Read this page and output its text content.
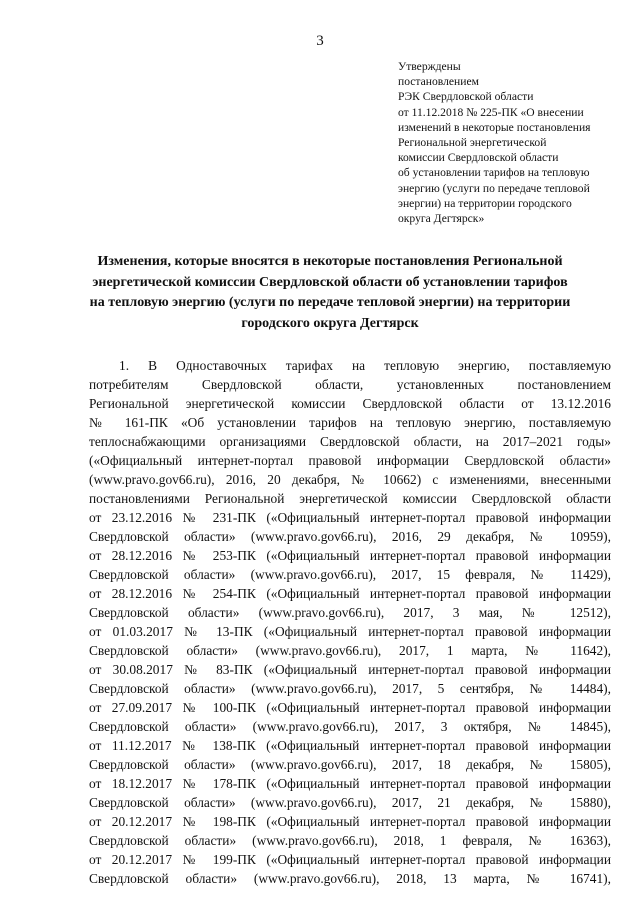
3
Утверждены
постановлением
РЭК Свердловской области
от 11.12.2018 № 225-ПК «О внесении
изменений в некоторые постановления
Региональной энергетической
комиссии Свердловской области
об установлении тарифов на тепловую
энергию (услуги по передаче тепловой
энергии) на территории городского
округа Дегтярск»
Изменения, которые вносятся в некоторые постановления Региональной
энергетической комиссии Свердловской области об установлении тарифов
на тепловую энергию (услуги по передаче тепловой энергии) на территории
городского округа Дегтярск
1. В Одноставочных тарифах на тепловую энергию, поставляемую
потребителям Свердловской области, установленных постановлением
Региональной энергетической комиссии Свердловской области от 13.12.2016
№ 161-ПК «Об установлении тарифов на тепловую энергию, поставляемую
теплоснабжающими организациями Свердловской области, на 2017–2021 годы»
(«Официальный интернет-портал правовой информации Свердловской области»
(www.pravo.gov66.ru), 2016, 20 декабря, № 10662) с изменениями, внесенными
постановлениями Региональной энергетической комиссии Свердловской области
от 23.12.2016 № 231-ПК («Официальный интернет-портал правовой информации
Свердловской области» (www.pravo.gov66.ru), 2016, 29 декабря, № 10959),
от 28.12.2016 № 253-ПК («Официальный интернет-портал правовой информации
Свердловской области» (www.pravo.gov66.ru), 2017, 15 февраля, № 11429),
от 28.12.2016 № 254-ПК («Официальный интернет-портал правовой информации
Свердловской области» (www.pravo.gov66.ru), 2017, 3 мая, № 12512),
от 01.03.2017 № 13-ПК («Официальный интернет-портал правовой информации
Свердловской области» (www.pravo.gov66.ru), 2017, 1 марта, № 11642),
от 30.08.2017 № 83-ПК («Официальный интернет-портал правовой информации
Свердловской области» (www.pravo.gov66.ru), 2017, 5 сентября, № 14484),
от 27.09.2017 № 100-ПК («Официальный интернет-портал правовой информации
Свердловской области» (www.pravo.gov66.ru), 2017, 3 октября, № 14845),
от 11.12.2017 № 138-ПК («Официальный интернет-портал правовой информации
Свердловской области» (www.pravo.gov66.ru), 2017, 18 декабря, № 15805),
от 18.12.2017 № 178-ПК («Официальный интернет-портал правовой информации
Свердловской области» (www.pravo.gov66.ru), 2017, 21 декабря, № 15880),
от 20.12.2017 № 198-ПК («Официальный интернет-портал правовой информации
Свердловской области» (www.pravo.gov66.ru), 2018, 1 февраля, № 16363),
от 20.12.2017 № 199-ПК («Официальный интернет-портал правовой информации
Свердловской области» (www.pravo.gov66.ru), 2018, 13 марта, № 16741),
